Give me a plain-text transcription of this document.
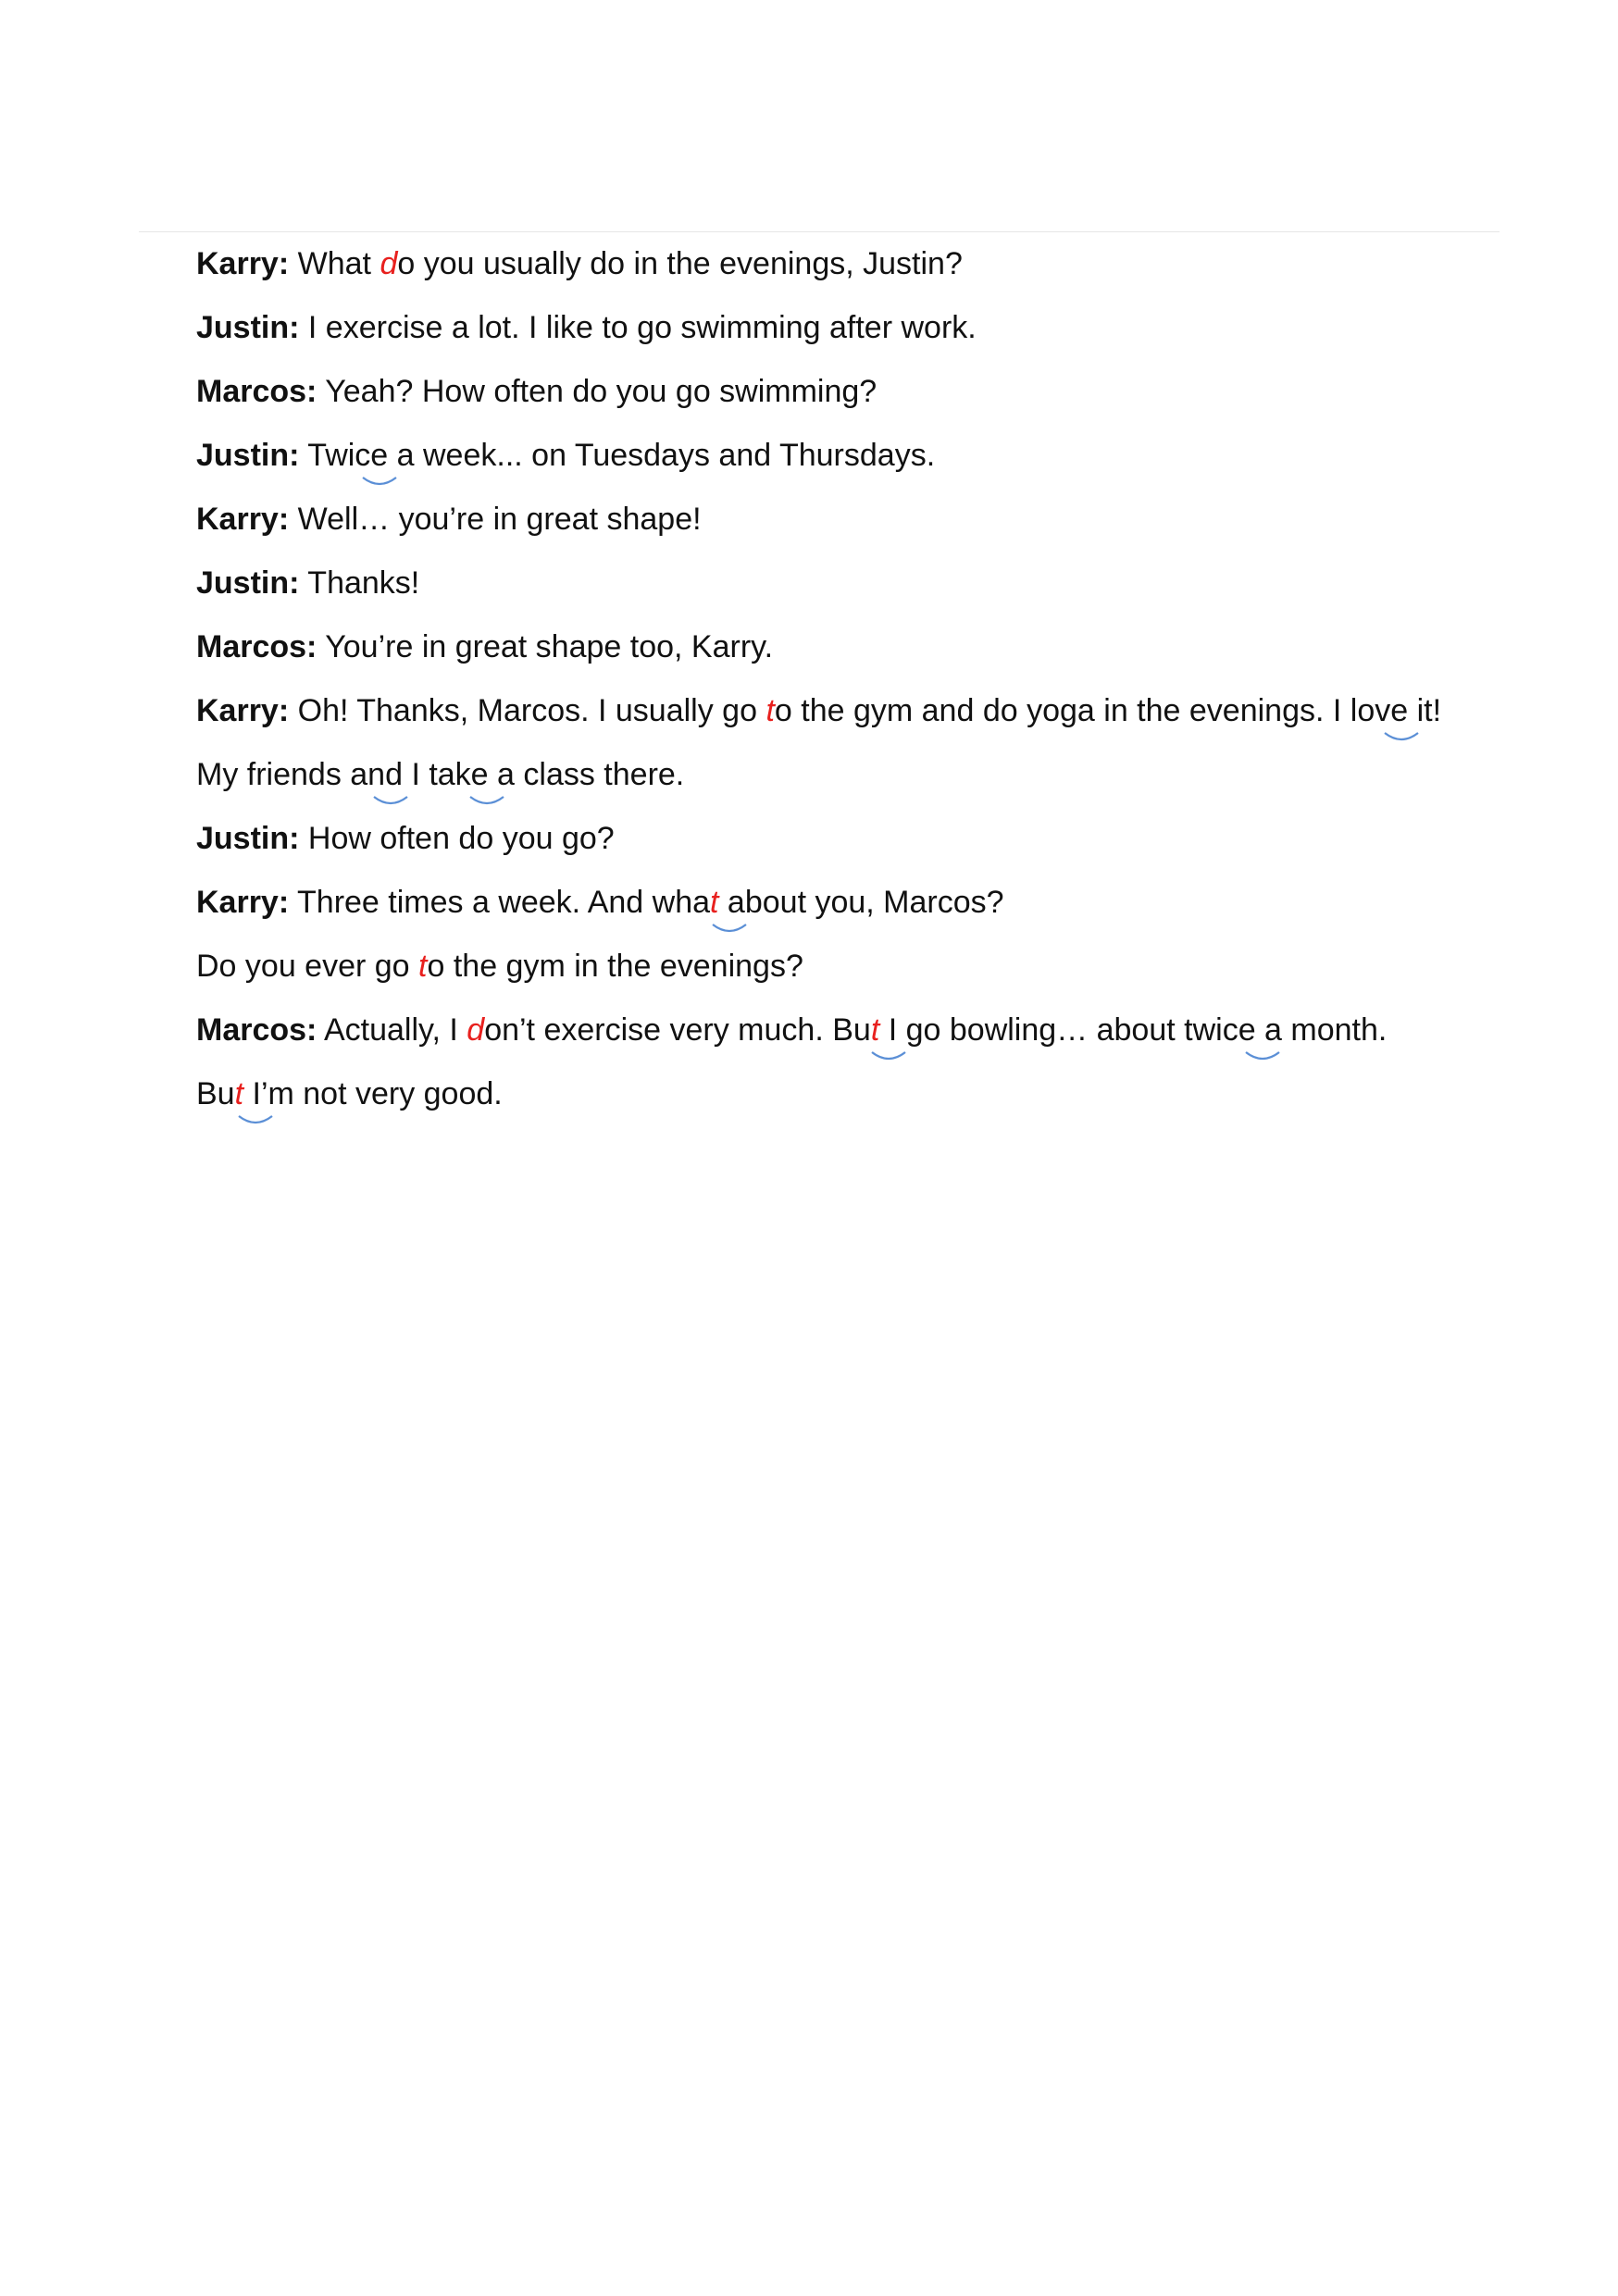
Karry: What do you usually do in the evenings, Justin?
Justin: I exercise a lot. I like to go swimming after work.
Marcos: Yeah? How often do you go swimming?
Justin: Twice a week... on Tuesdays and Thursdays.
Karry: Well… you’re in great shape!
Justin: Thanks!
Marcos: You’re in great shape too, Karry.
Karry: Oh! Thanks, Marcos. I usually go to the gym and do yoga in the evenings. I love it!
My friends and I take a class there.
Justin: How often do you go?
Karry: Three times a week. And what about you, Marcos?
Do you ever go to the gym in the evenings?
Marcos: Actually, I don’t exercise very much. But I go bowling… about twice a month.
But I’m not very good.
